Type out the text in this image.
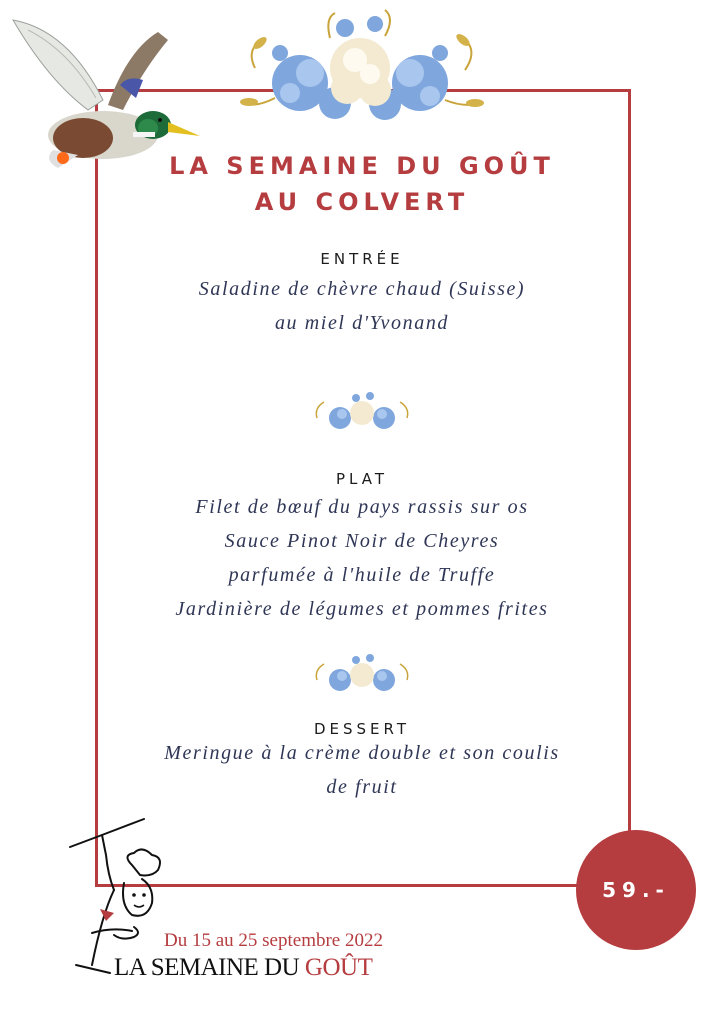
LA SEMAINE DU GOÛT
AU COLVERT
ENTRÉE
Saladine de chèvre chaud (Suisse)
au miel d'Yvonand
PLAT
Filet de bœuf du pays rassis sur os
Sauce Pinot Noir de Cheyres
parfumée à l'huile de Truffe
Jardinière de légumes et pommes frites
DESSERT
Meringue à la crème double et son coulis
de fruit
Du 15 au 25 septembre 2022
LA SEMAINE DU GOÛT
59.-
